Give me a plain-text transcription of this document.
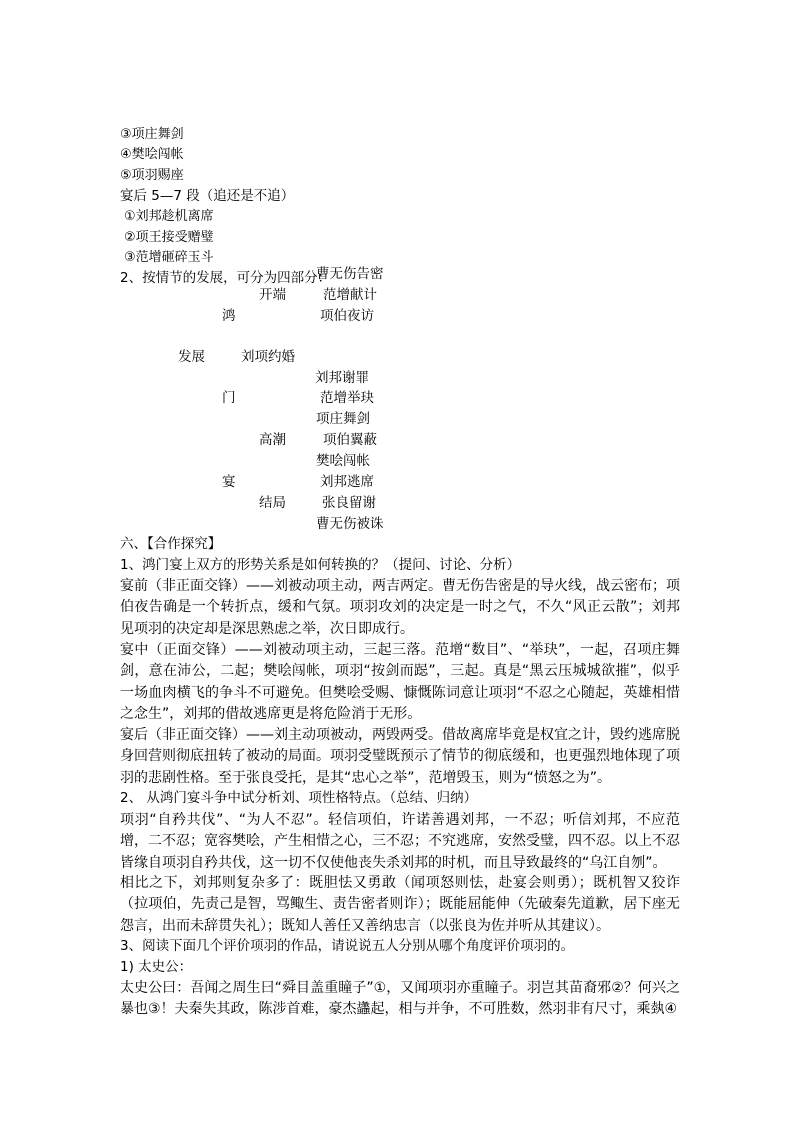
③项庄舞剑
④樊哙闯帐
⑤项羽赐座
宴后 5—7 段（追还是不追）
①刘邦趁机离席
②项王接受赠璧
③范增砸碎玉斗
2、按情节的发展，可分为四部分：
曹无伤告密
开端	范增献计
鸿	项伯夜访
发展	刘项约婚
刘邦谢罪
门	范增举玦
项庄舞剑
高潮	项伯翼蔽
樊哙闯帐
宴	刘邦逃席
结局	张良留谢
曹无伤被诛
六、【合作探究】
1、鸿门宴上双方的形势关系是如何转换的？（提问、讨论、分析）
宴前（非正面交锋）——刘被动项主动，两吉两定。曹无伤告密是的导火线，战云密布；项伯夜告确是一个转折点，缓和气氛。项羽攻刘的决定是一时之气，不久“风正云散”；刘邦见项羽的决定却是深思熟虑之举，次日即成行。
宴中（正面交锋）——刘被动项主动，三起三落。范增“数目”、“举玦”，一起，召项庄舞剑，意在沛公，二起；樊哙闯帐，项羽“按剑而跽”，三起。真是“黑云压城城欲摧”，似乎一场血肉横飞的争斗不可避免。但樊哙受赐、慷慨陈词意让项羽“不忍之心随起，英雄相惜之念生”，刘邦的借故逃席更是将危险消于无形。
宴后（非正面交锋）——刘主动项被动，两毁两受。借故离席毕竟是权宜之计，毁约逃席脱身回营则彻底扭转了被动的局面。项羽受璧既预示了情节的彻底缓和，也更强烈地体现了项羽的悲剧性格。至于张良受托，是其“忠心之举”，范增毁玉，则为“愤怒之为”。
2、 从鸿门宴斗争中试分析刘、项性格特点。（总结、归纳）
项羽“自矜共伐”、“为人不忍”。轻信项伯，许诺善遇刘邦，一不忍；听信刘邦，不应范增，二不忍；宽容樊哙，产生相惜之心，三不忍；不究逃席，安然受璧，四不忍。以上不忍皆缘自项羽自矜共伐，这一切不仅使他丧失杀刘邦的时机，而且导致最终的“乌江自刎”。
相比之下，刘邦则复杂多了：既胆怯又勇敢（闻项怒则怯，赴宴会则勇）；既机智又狡诈（拉项伯，先责己是智，骂鲰生、责告密者则诈）；既能屈能伸（先破秦先道歉，居下座无怨言，出而未辞贯失礼）；既知人善任又善纳忠言（以张良为佐并听从其建议）。
3、阅读下面几个评价项羽的作品，请说说五人分别从哪个角度评价项羽的。
1) 太史公：
太史公曰：吾闻之周生曰“舜目盖重瞳子”①，又闻项羽亦重瞳子。羽岂其苗裔邪②？何兴之暴也③！夫秦失其政，陈涉首难，豪杰蠭起，相与并争，不可胜数，然羽非有尺寸，乘埶④
